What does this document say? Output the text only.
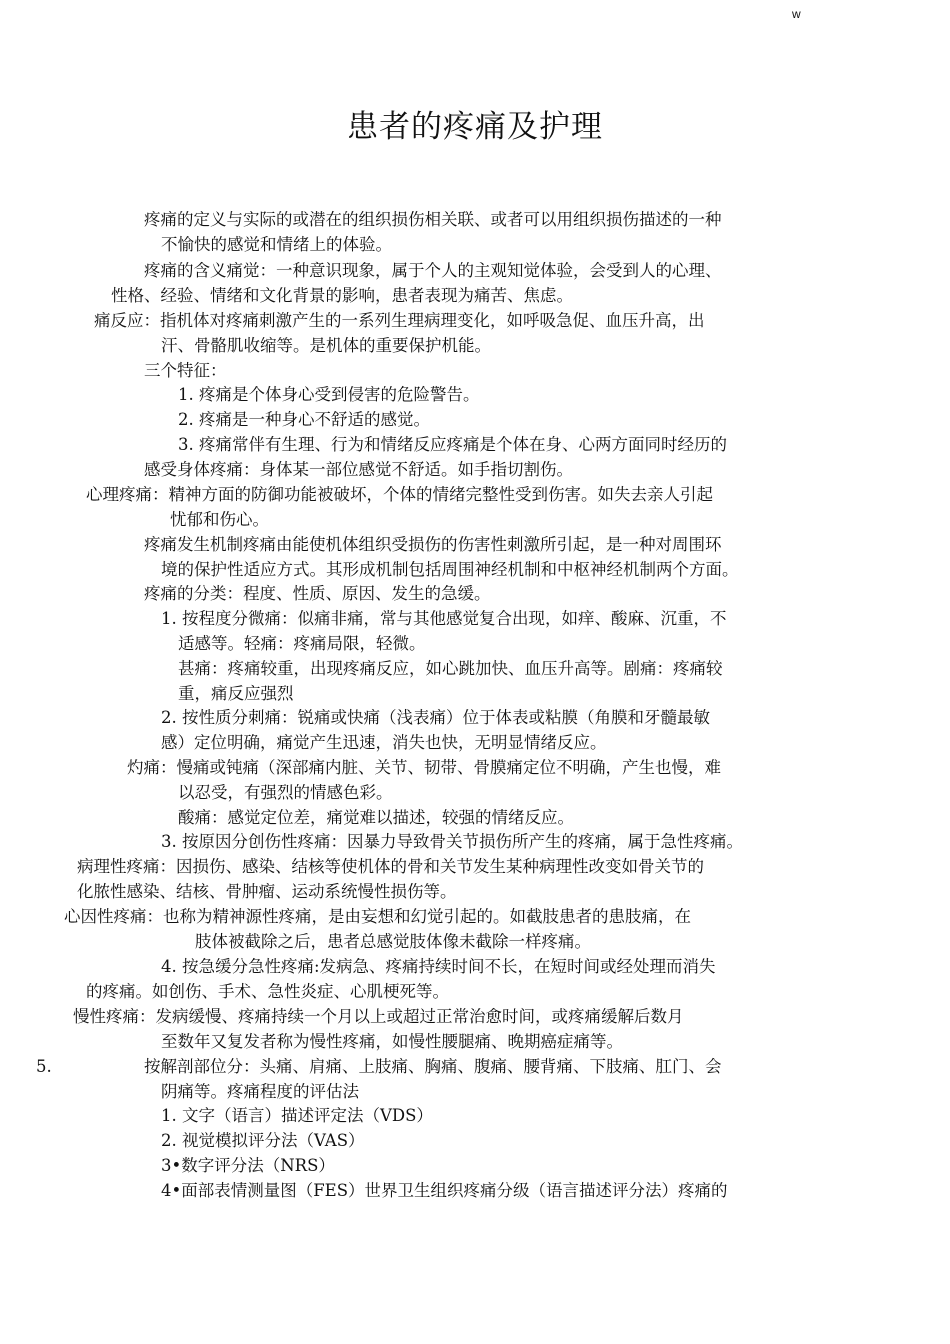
w
患者的疼痛及护理
疼痛的定义与实际的或潜在的组织损伤相关联、或者可以用组织损伤描述的一种
不愉快的感觉和情绪上的体验。
疼痛的含义痛觉：一种意识现象，属于个人的主观知觉体验，会受到人的心理、
性格、经验、情绪和文化背景的影响，患者表现为痛苦、焦虑。
痛反应：指机体对疼痛刺激产生的一系列生理病理变化，如呼吸急促、血压升高，出
汗、骨骼肌收缩等。是机体的重要保护机能。
三个特征：
1. 疼痛是个体身心受到侵害的危险警告。
2. 疼痛是一种身心不舒适的感觉。
3. 疼痛常伴有生理、行为和情绪反应疼痛是个体在身、心两方面同时经历的
感受身体疼痛：身体某一部位感觉不舒适。如手指切割伤。
心理疼痛：精神方面的防御功能被破坏，个体的情绪完整性受到伤害。如失去亲人引起
忧郁和伤心。
疼痛发生机制疼痛由能使机体组织受损伤的伤害性刺激所引起，是一种对周围环
境的保护性适应方式。其形成机制包括周围神经机制和中枢神经机制两个方面。
疼痛的分类：程度、性质、原因、发生的急缓。
1. 按程度分微痛：似痛非痛，常与其他感觉复合出现，如痒、酸麻、沉重，不
适感等。轻痛：疼痛局限，轻微。
甚痛：疼痛较重，出现疼痛反应，如心跳加快、血压升高等。剧痛：疼痛较
重，痛反应强烈
2. 按性质分刺痛：锐痛或快痛（浅表痛）位于体表或粘膜（角膜和牙髓最敏
感）定位明确，痛觉产生迅速，消失也快，无明显情绪反应。
灼痛：慢痛或钝痛（深部痛内脏、关节、韧带、骨膜痛定位不明确，产生也慢，难
以忍受，有强烈的情感色彩。
酸痛：感觉定位差，痛觉难以描述，较强的情绪反应。
3. 按原因分创伤性疼痛：因暴力导致骨关节损伤所产生的疼痛，属于急性疼痛。
病理性疼痛：因损伤、感染、结核等使机体的骨和关节发生某种病理性改变如骨关节的
化脓性感染、结核、骨肿瘤、运动系统慢性损伤等。
心因性疼痛：也称为精神源性疼痛，是由妄想和幻觉引起的。如截肢患者的患肢痛，在
肢体被截除之后，患者总感觉肢体像未截除一样疼痛。
4. 按急缓分急性疼痛:发病急、疼痛持续时间不长，在短时间或经处理而消失
的疼痛。如创伤、手术、急性炎症、心肌梗死等。
慢性疼痛：发病缓慢、疼痛持续一个月以上或超过正常治愈时间，或疼痛缓解后数月
至数年又复发者称为慢性疼痛，如慢性腰腿痛、晚期癌症痛等。
5.	按解剖部位分：头痛、肩痛、上肢痛、胸痛、腹痛、腰背痛、下肢痛、肛门、会
阴痛等。疼痛程度的评估法
1. 文字（语言）描述评定法（VDS）
2. 视觉模拟评分法（VAS）
3•数字评分法（NRS）
4•面部表情测量图（FES）世界卫生组织疼痛分级（语言描述评分法）疼痛的
